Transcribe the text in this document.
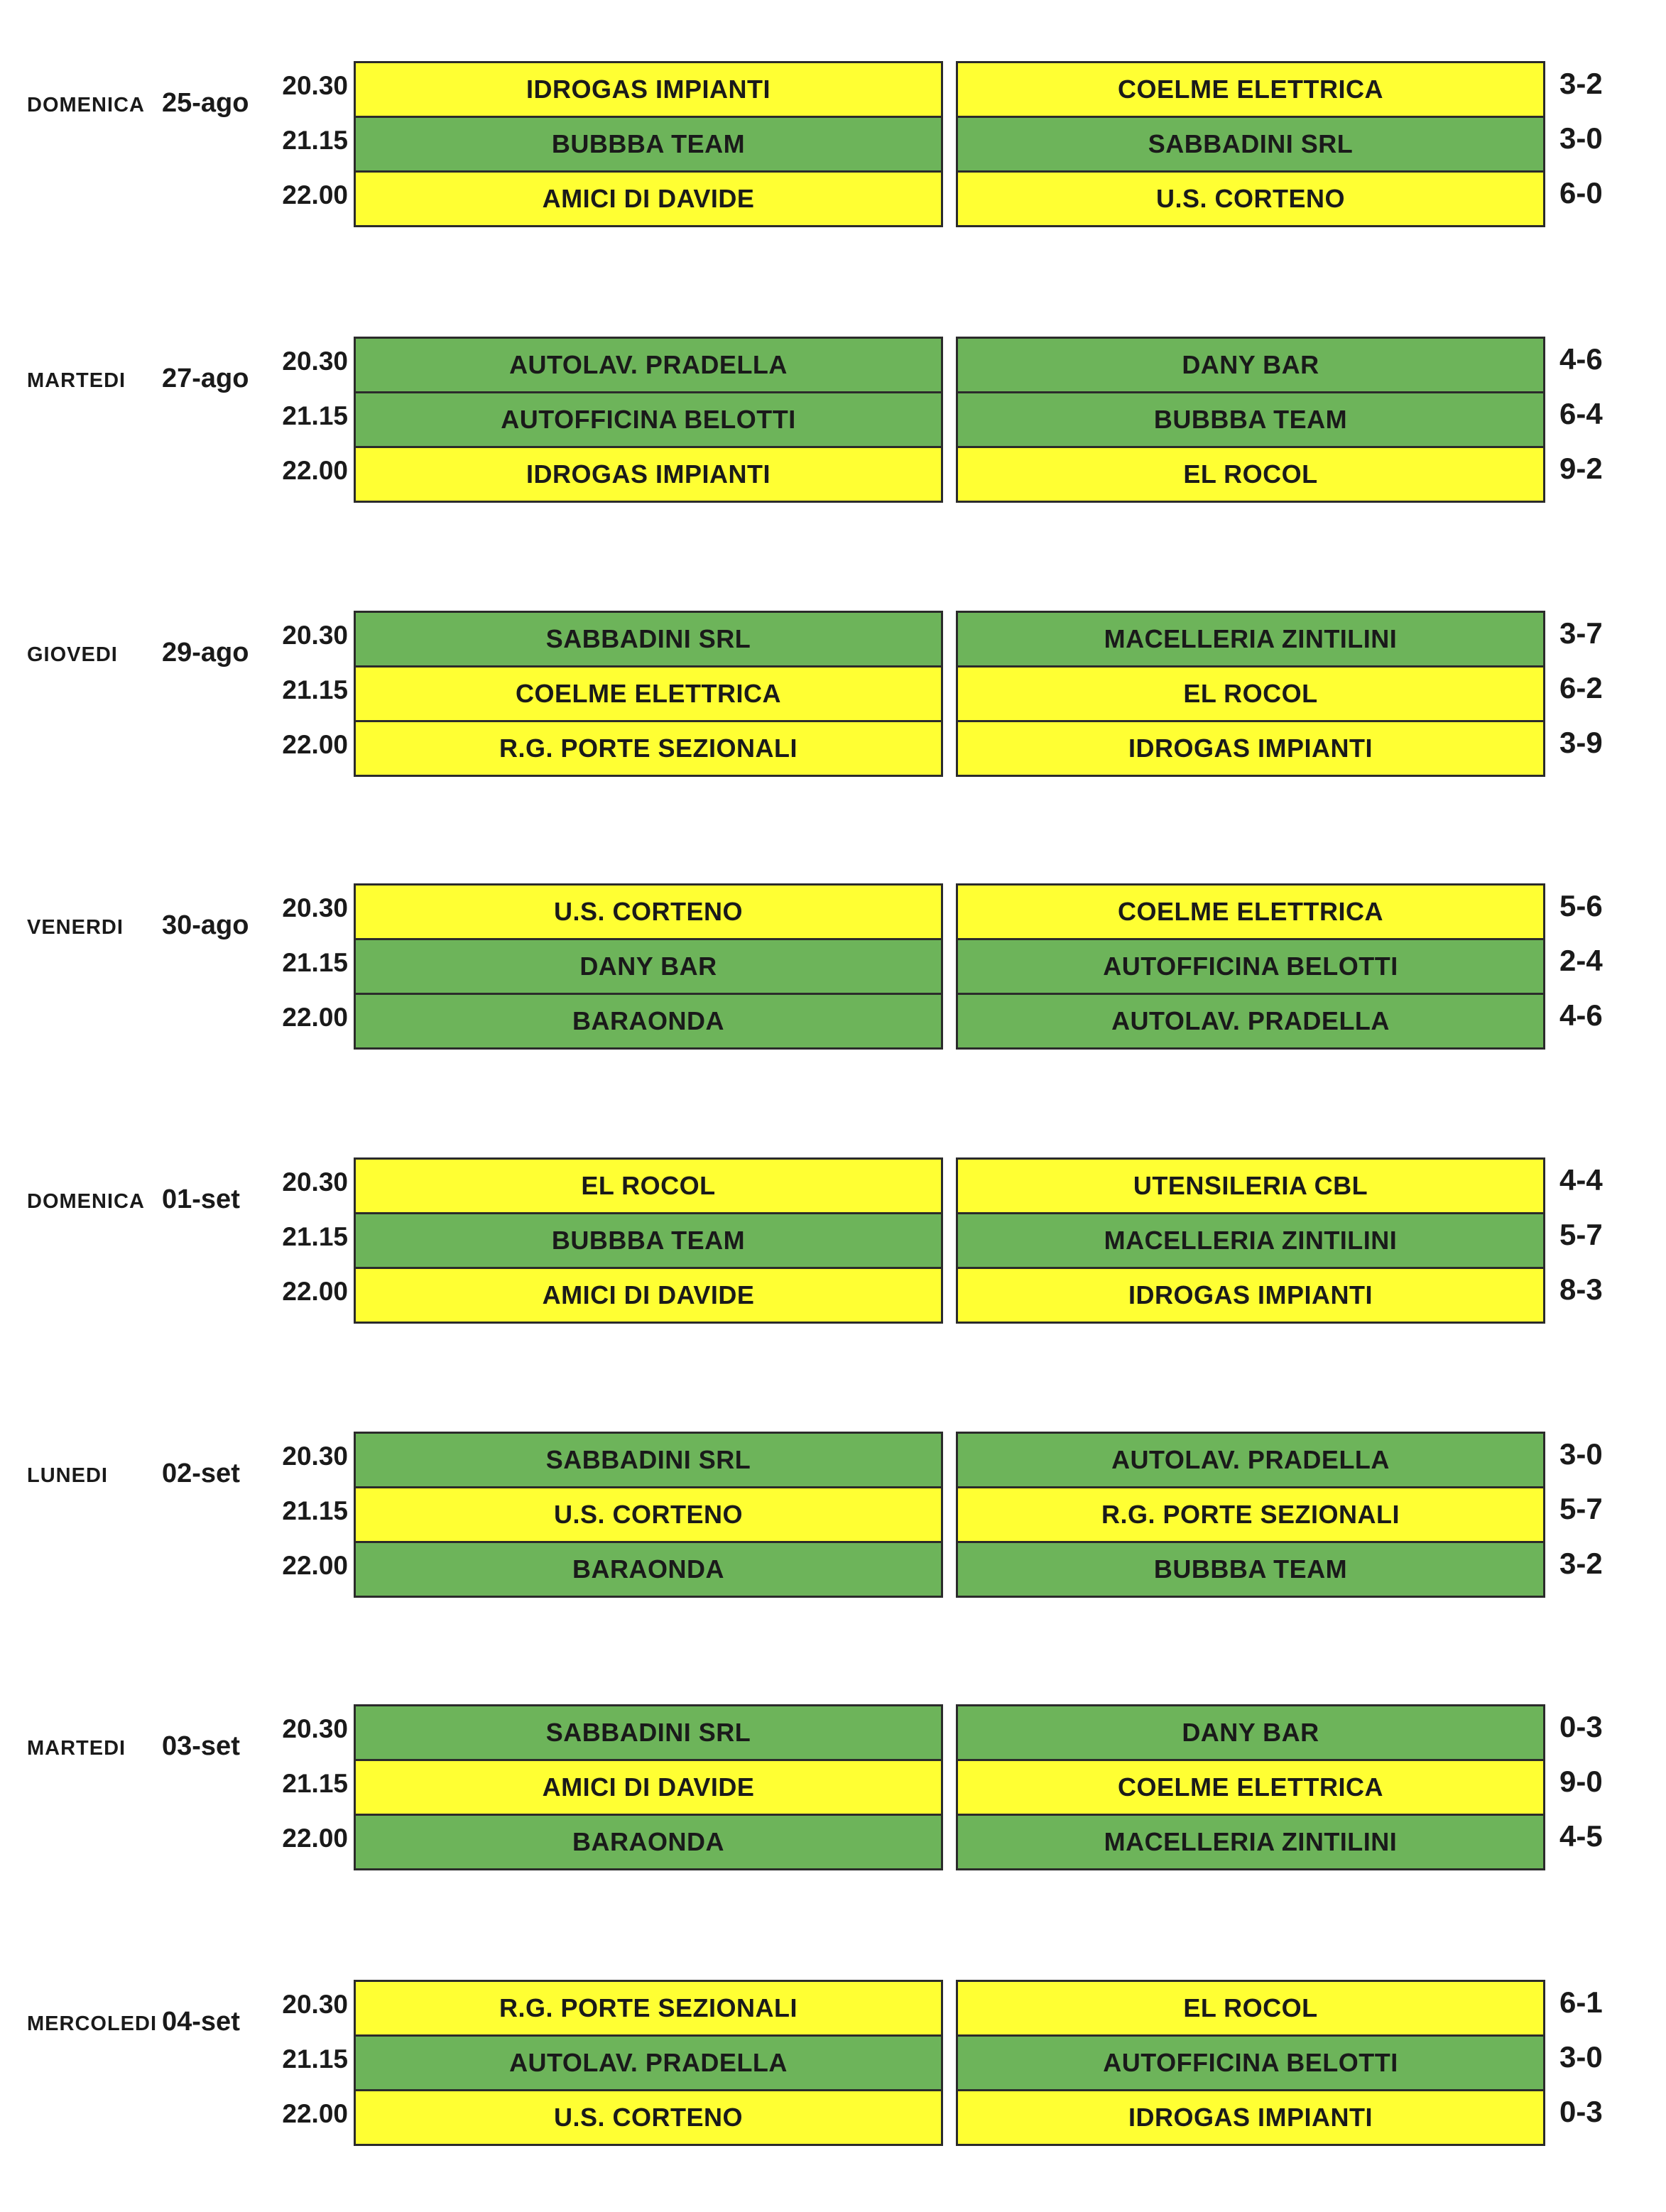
DOMENICA 25-ago
20.30	IDROGAS IMPIANTI	COELME ELETTRICA	3-2
21.15	BUBBBA TEAM	SABBADINI SRL	3-0
22.00	AMICI DI DAVIDE	U.S. CORTENO	6-0
MARTEDI	27-ago
20.30	AUTOLAV. PRADELLA	DANY BAR	4-6
21.15	AUTOFFICINA BELOTTI	BUBBBA TEAM	6-4
22.00	IDROGAS IMPIANTI	EL ROCOL	9-2
GIOVEDI	29-ago
20.30	SABBADINI SRL	MACELLERIA ZINTILINI	3-7
21.15	COELME ELETTRICA	EL ROCOL	6-2
22.00	R.G. PORTE SEZIONALI	IDROGAS IMPIANTI	3-9
VENERDI	30-ago
20.30	U.S. CORTENO	COELME ELETTRICA	5-6
21.15	DANY BAR	AUTOFFICINA BELOTTI	2-4
22.00	BARAONDA	AUTOLAV. PRADELLA	4-6
DOMENICA 01-set
20.30	EL ROCOL	UTENSILERIA CBL	4-4
21.15	BUBBBA TEAM	MACELLERIA ZINTILINI	5-7
22.00	AMICI DI DAVIDE	IDROGAS IMPIANTI	8-3
LUNEDI	02-set
20.30	SABBADINI SRL	AUTOLAV. PRADELLA	3-0
21.15	U.S. CORTENO	R.G. PORTE SEZIONALI	5-7
22.00	BARAONDA	BUBBBA TEAM	3-2
MARTEDI	03-set
20.30	SABBADINI SRL	DANY BAR	0-3
21.15	AMICI DI DAVIDE	COELME ELETTRICA	9-0
22.00	BARAONDA	MACELLERIA ZINTILINI	4-5
MERCOLEDI 04-set
20.30	R.G. PORTE SEZIONALI	EL ROCOL	6-1
21.15	AUTOLAV. PRADELLA	AUTOFFICINA BELOTTI	3-0
22.00	U.S. CORTENO	IDROGAS IMPIANTI	0-3
